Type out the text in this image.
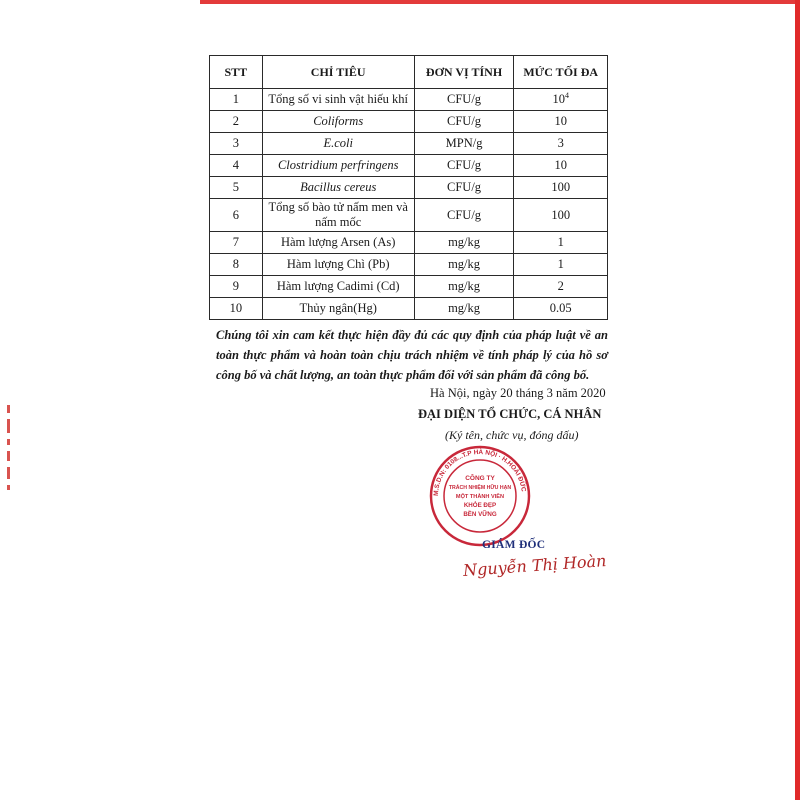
STT	CHỈ TIÊU	ĐƠN VỊ TÍNH	MỨC TỐI ĐA
1	Tổng số vi sinh vật hiếu khí	CFU/g	$10^4$
2	Coliforms	CFU/g	10
3	E.coli	MPN/g	3
4	Clostridium perfringens	CFU/g	10
5	Bacillus cereus	CFU/g	100
6	Tổng số bào tử nấm men và nấm mốc	CFU/g	100
7	Hàm lượng Arsen (As)	mg/kg	1
8	Hàm lượng Chì (Pb)	mg/kg	1
9	Hàm lượng Cadimi (Cd)	mg/kg	2
10	Thủy ngân(Hg)	mg/kg	0.05
Chúng tôi xin cam kết thực hiện đầy đủ các quy định của pháp luật về an toàn thực phẩm và hoàn toàn chịu trách nhiệm về tính pháp lý của hồ sơ công bố và chất lượng, an toàn thực phẩm đối với sản phẩm đã công bố.
Hà Nội, ngày 20 tháng 3 năm 2020
ĐẠI DIỆN TỔ CHỨC, CÁ NHÂN
(Ký tên, chức vụ, đóng dấu)
M.S.D.N: 0108...T.P HÀ NỘI · H.HOÀI ĐỨC
CÔNG TY
TRÁCH NHIỆM HỮU HẠN
MỘT THÀNH VIÊN
KHỎE ĐẸP
BỀN VỮNG
GIÁM ĐỐC
Nguyễn Thị Hoàn
